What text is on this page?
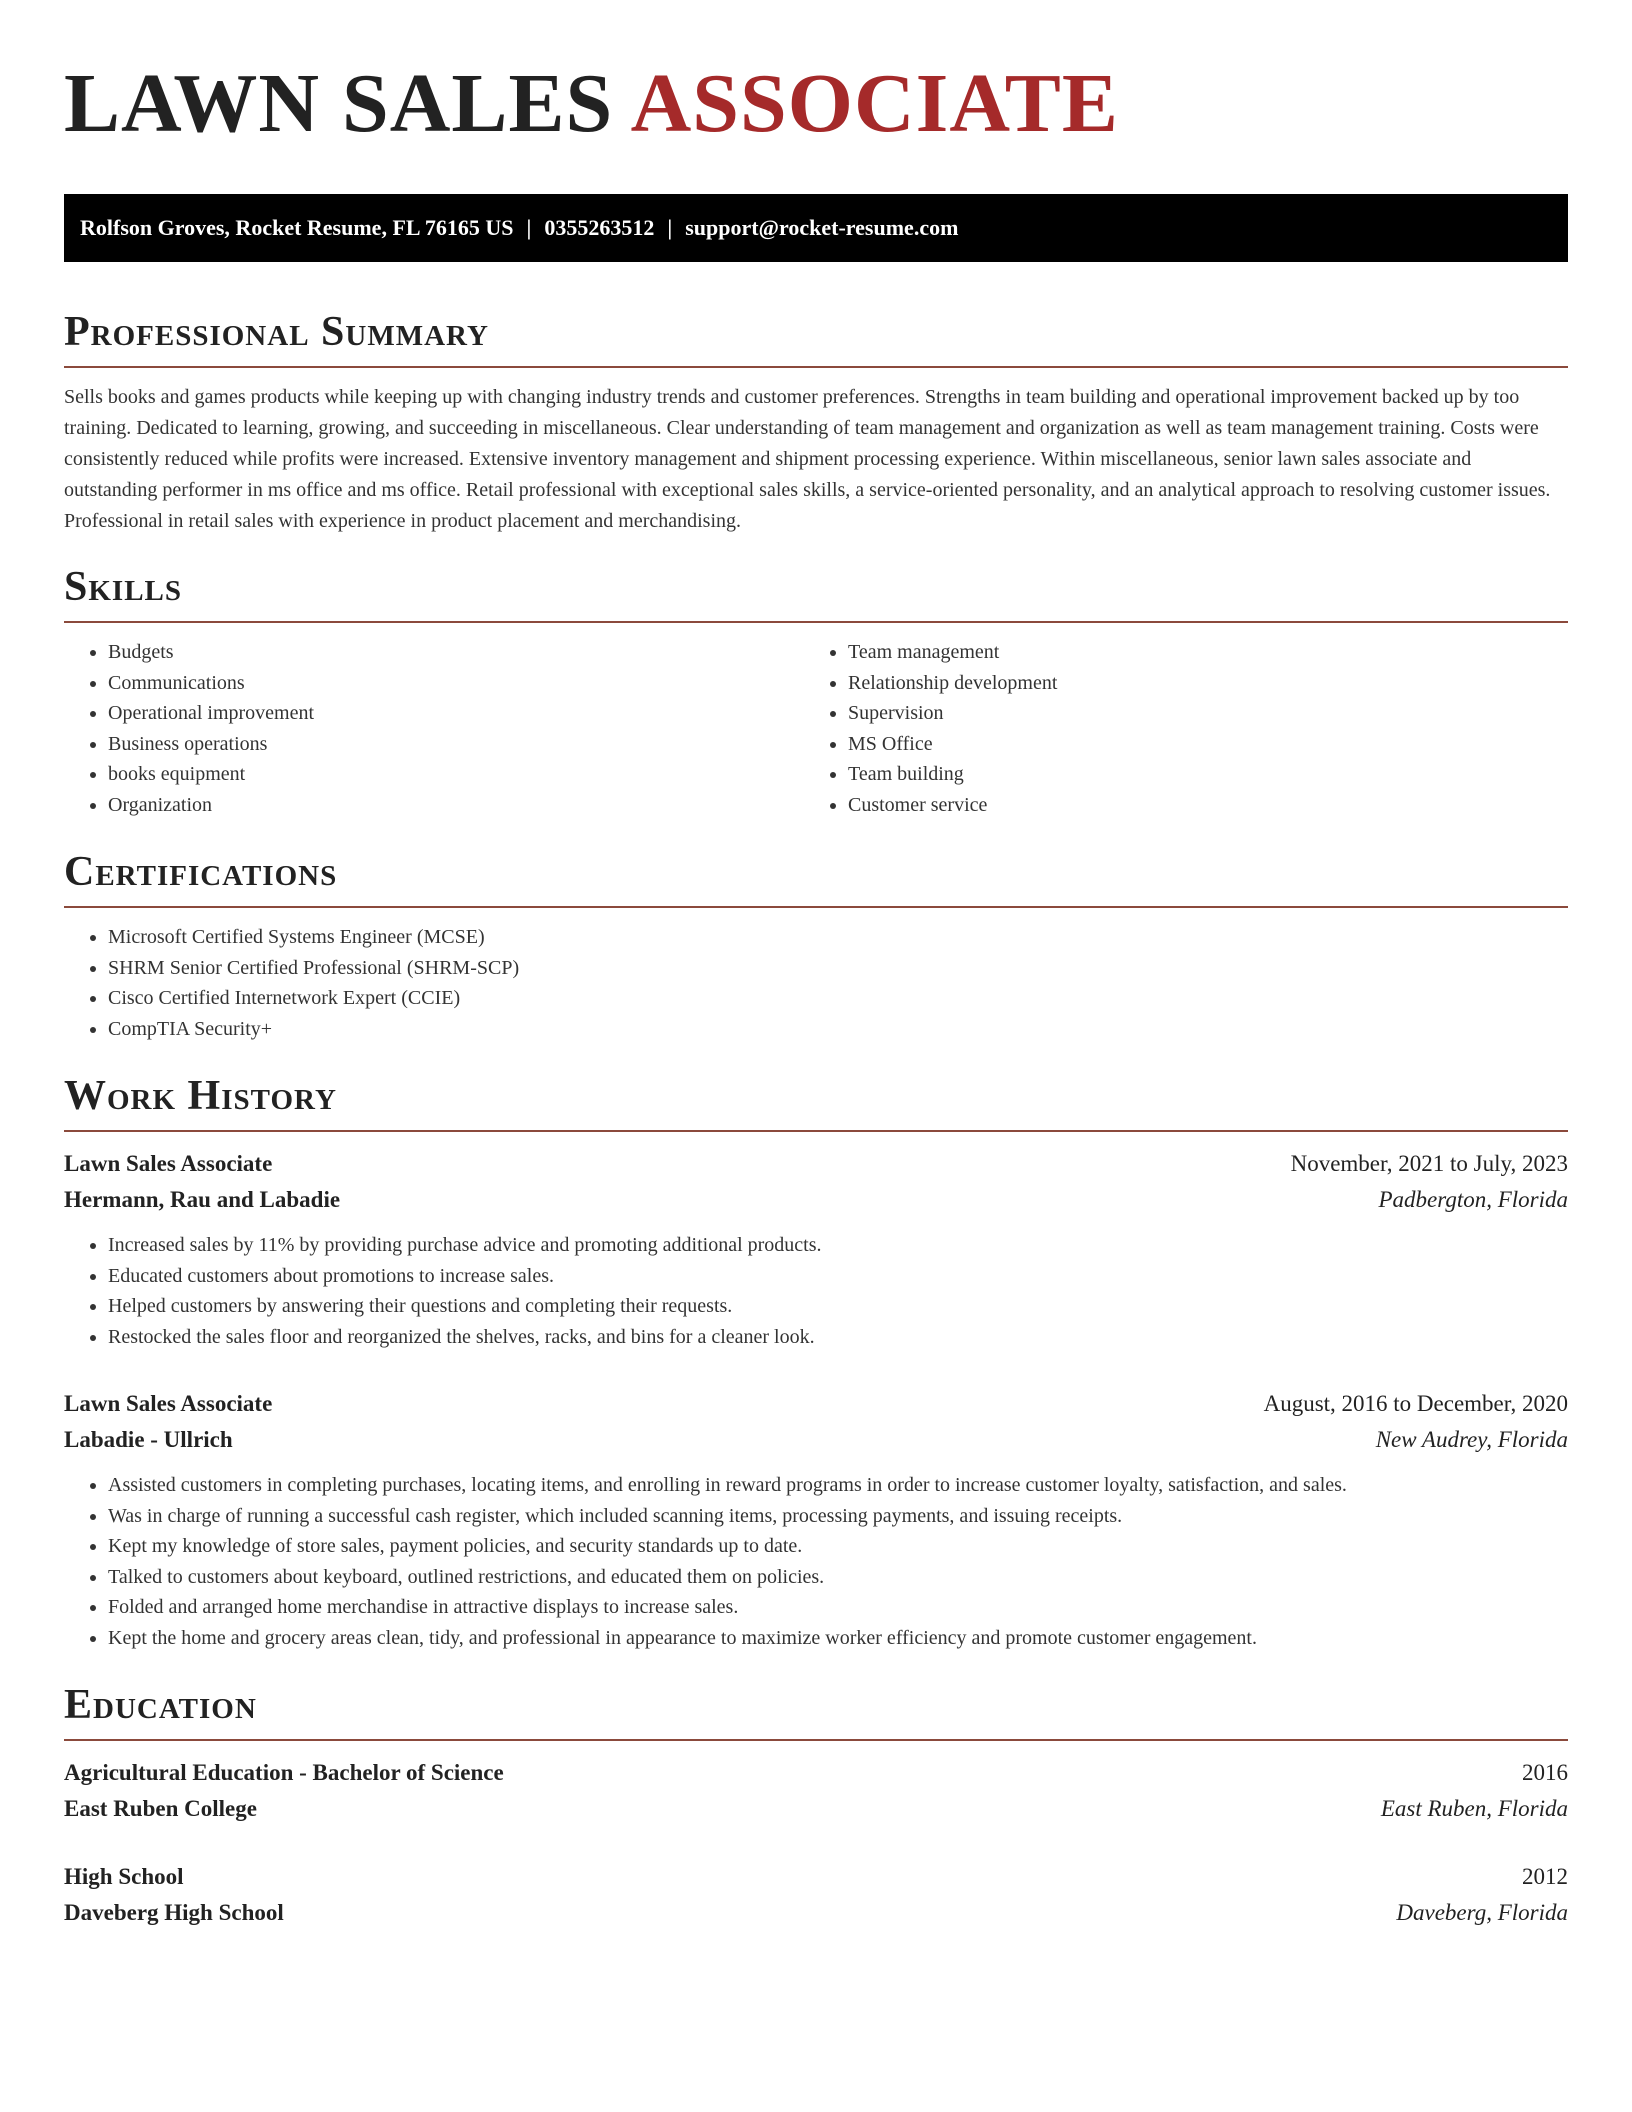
LAWN SALES ASSOCIATE
Rolfson Groves, Rocket Resume, FL 76165 US | 0355263512 | support@rocket-resume.com
Professional Summary

Sells books and games products while keeping up with changing industry trends and customer preferences. Strengths in team building and operational improvement backed up by too training. Dedicated to learning, growing, and succeeding in miscellaneous. Clear understanding of team management and organization as well as team management training. Costs were consistently reduced while profits were increased. Extensive inventory management and shipment processing experience. Within miscellaneous, senior lawn sales associate and outstanding performer in ms office and ms office. Retail professional with exceptional sales skills, a service-oriented personality, and an analytical approach to resolving customer issues. Professional in retail sales with experience in product placement and merchandising.

Skills
• Budgets
• Communications
• Operational improvement
• Business operations
• books equipment
• Organization
• Team management
• Relationship development
• Supervision
• MS Office
• Team building
• Customer service
Certifications
• Microsoft Certified Systems Engineer (MCSE)
• SHRM Senior Certified Professional (SHRM-SCP)
• Cisco Certified Internetwork Expert (CCIE)
• CompTIA Security+
Work History
Lawn Sales Associate	November, 2021 to July, 2023
Hermann, Rau and Labadie	Padbergton, Florida
• Increased sales by 11% by providing purchase advice and promoting additional products.
• Educated customers about promotions to increase sales.
• Helped customers by answering their questions and completing their requests.
• Restocked the sales floor and reorganized the shelves, racks, and bins for a cleaner look.
Lawn Sales Associate	August, 2016 to December, 2020
Labadie - Ullrich	New Audrey, Florida
• Assisted customers in completing purchases, locating items, and enrolling in reward programs in order to increase customer loyalty, satisfaction, and sales.
• Was in charge of running a successful cash register, which included scanning items, processing payments, and issuing receipts.
• Kept my knowledge of store sales, payment policies, and security standards up to date.
• Talked to customers about keyboard, outlined restrictions, and educated them on policies.
• Folded and arranged home merchandise in attractive displays to increase sales.
• Kept the home and grocery areas clean, tidy, and professional in appearance to maximize worker efficiency and promote customer engagement.
Education
Agricultural Education - Bachelor of Science	2016
East Ruben College	East Ruben, Florida
High School	2012
Daveberg High School	Daveberg, Florida
